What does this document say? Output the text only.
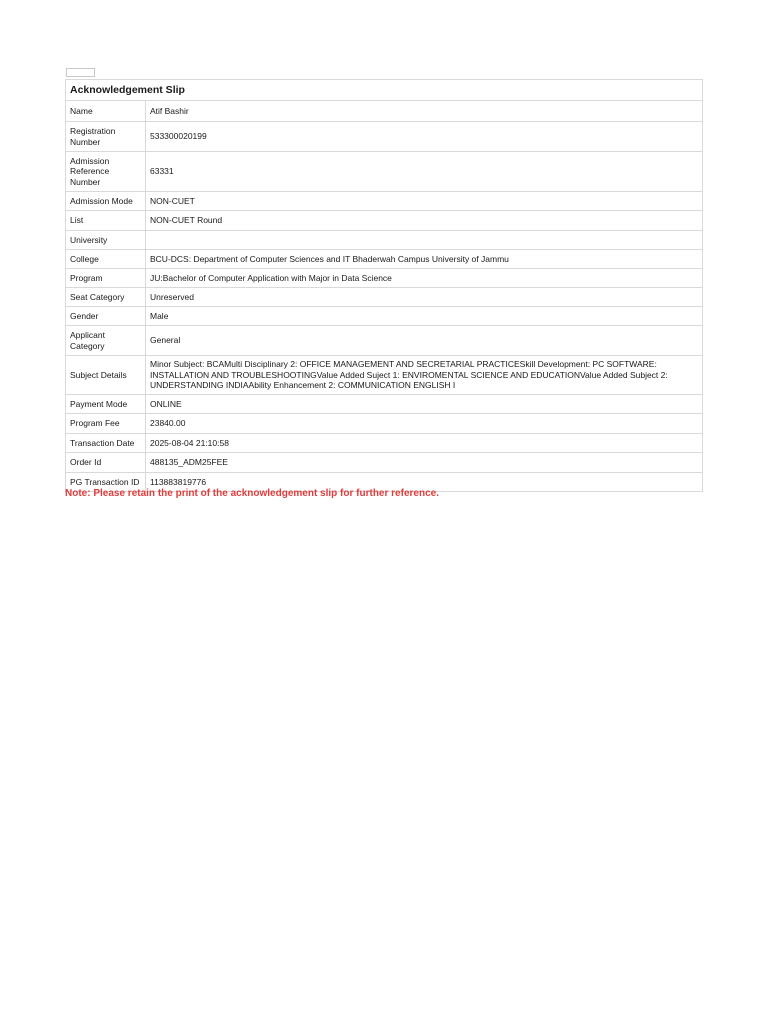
Acknowledgement Slip	
Name	Atif Bashir
Registration Number	533300020199
Admission Reference Number	63331
Admission Mode	NON-CUET
List	NON-CUET Round
University	
College	BCU-DCS: Department of Computer Sciences and IT Bhaderwah Campus University of Jammu
Program	JU:Bachelor of Computer Application with Major in Data Science
Seat Category	Unreserved
Gender	Male
Applicant Category	General
Subject Details	Minor Subject: BCAMulti Disciplinary 2: OFFICE MANAGEMENT AND SECRETARIAL PRACTICESkill Development: PC SOFTWARE: INSTALLATION AND TROUBLESHOOTINGValue Added Suject 1: ENVIROMENTAL SCIENCE AND EDUCATIONValue Added Subject 2: UNDERSTANDING INDIAAbility Enhancement 2: COMMUNICATION ENGLISH I
Payment Mode	ONLINE
Program Fee	23840.00
Transaction Date	2025-08-04 21:10:58
Order Id	488135_ADM25FEE
PG Transaction ID	113883819776
Note: Please retain the print of the acknowledgement slip for further reference.
